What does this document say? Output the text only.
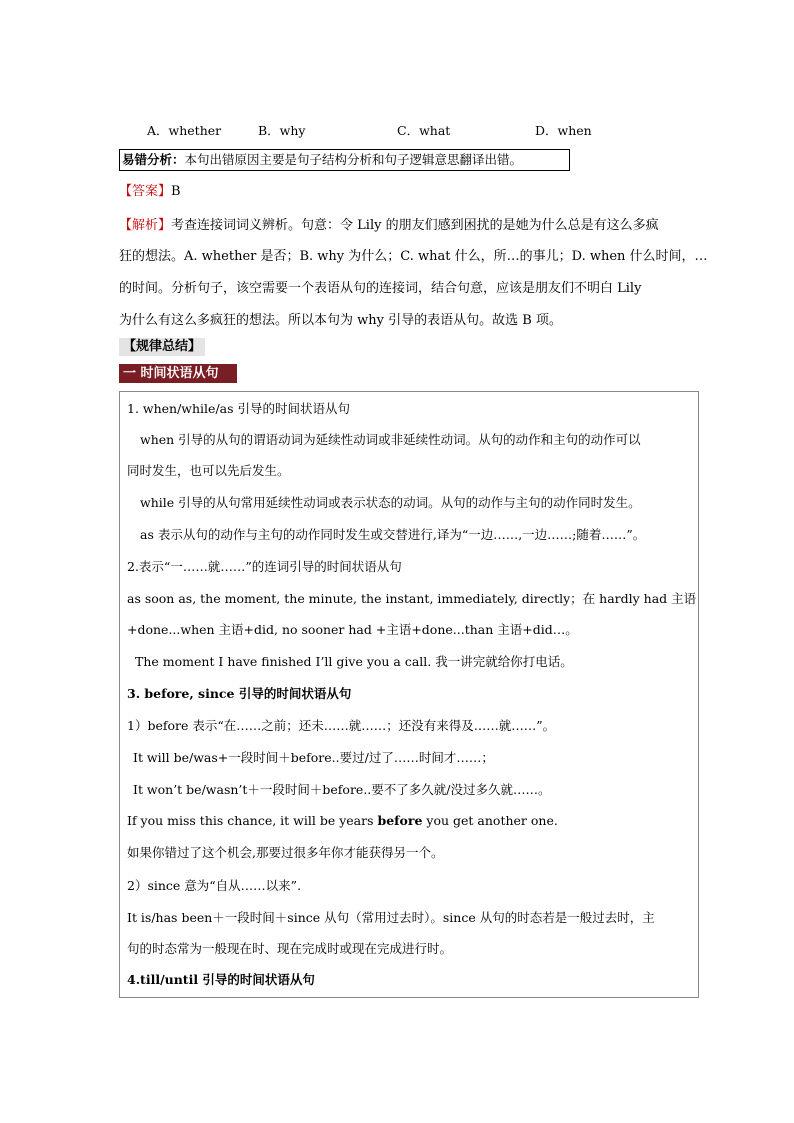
A．whether	B．why	C．what	D．when
易错分析：本句出错原因主要是句子结构分析和句子逻辑意思翻译出错。
【答案】B
【解析】考查连接词词义辨析。句意：令 Lily 的朋友们感到困扰的是她为什么总是有这么多疯
狂的想法。A. whether 是否；B. why 为什么；C. what 什么，所…的事儿；D. when 什么时间，…
的时间。分析句子，该空需要一个表语从句的连接词，结合句意，应该是朋友们不明白 Lily
为什么有这么多疯狂的想法。所以本句为 why 引导的表语从句。故选 B 项。
【规律总结】
一 时间状语从句
1. when/while/as 引导的时间状语从句
when 引导的从句的谓语动词为延续性动词或非延续性动词。从句的动作和主句的动作可以
同时发生，也可以先后发生。
while 引导的从句常用延续性动词或表示状态的动词。从句的动作与主句的动作同时发生。
as 表示从句的动作与主句的动作同时发生或交替进行,译为“一边……,一边……;随着……”。
2.表示“一……就……”的连词引导的时间状语从句
as soon as, the moment, the minute, the instant, immediately, directly；在 hardly had 主语
+done...when 主语+did, no sooner had +主语+done...than 主语+did…。
The moment I have finished I’ll give you a call. 我一讲完就给你打电话。
3. before, since 引导的时间状语从句
1）before 表示“在……之前；还未……就……；还没有来得及……就……”。
It will be/was+一段时间＋before..要过/过了……时间才……；
It won’t be/wasn’t＋一段时间＋before..要不了多久就/没过多久就……。
If you miss this chance, it will be years before you get another one.
如果你错过了这个机会,那要过很多年你才能获得另一个。
2）since 意为“自从……以来”.
It is/has been＋一段时间＋since 从句（常用过去时）。since 从句的时态若是一般过去时，主
句的时态常为一般现在时、现在完成时或现在完成进行时。
4.till/until 引导的时间状语从句
